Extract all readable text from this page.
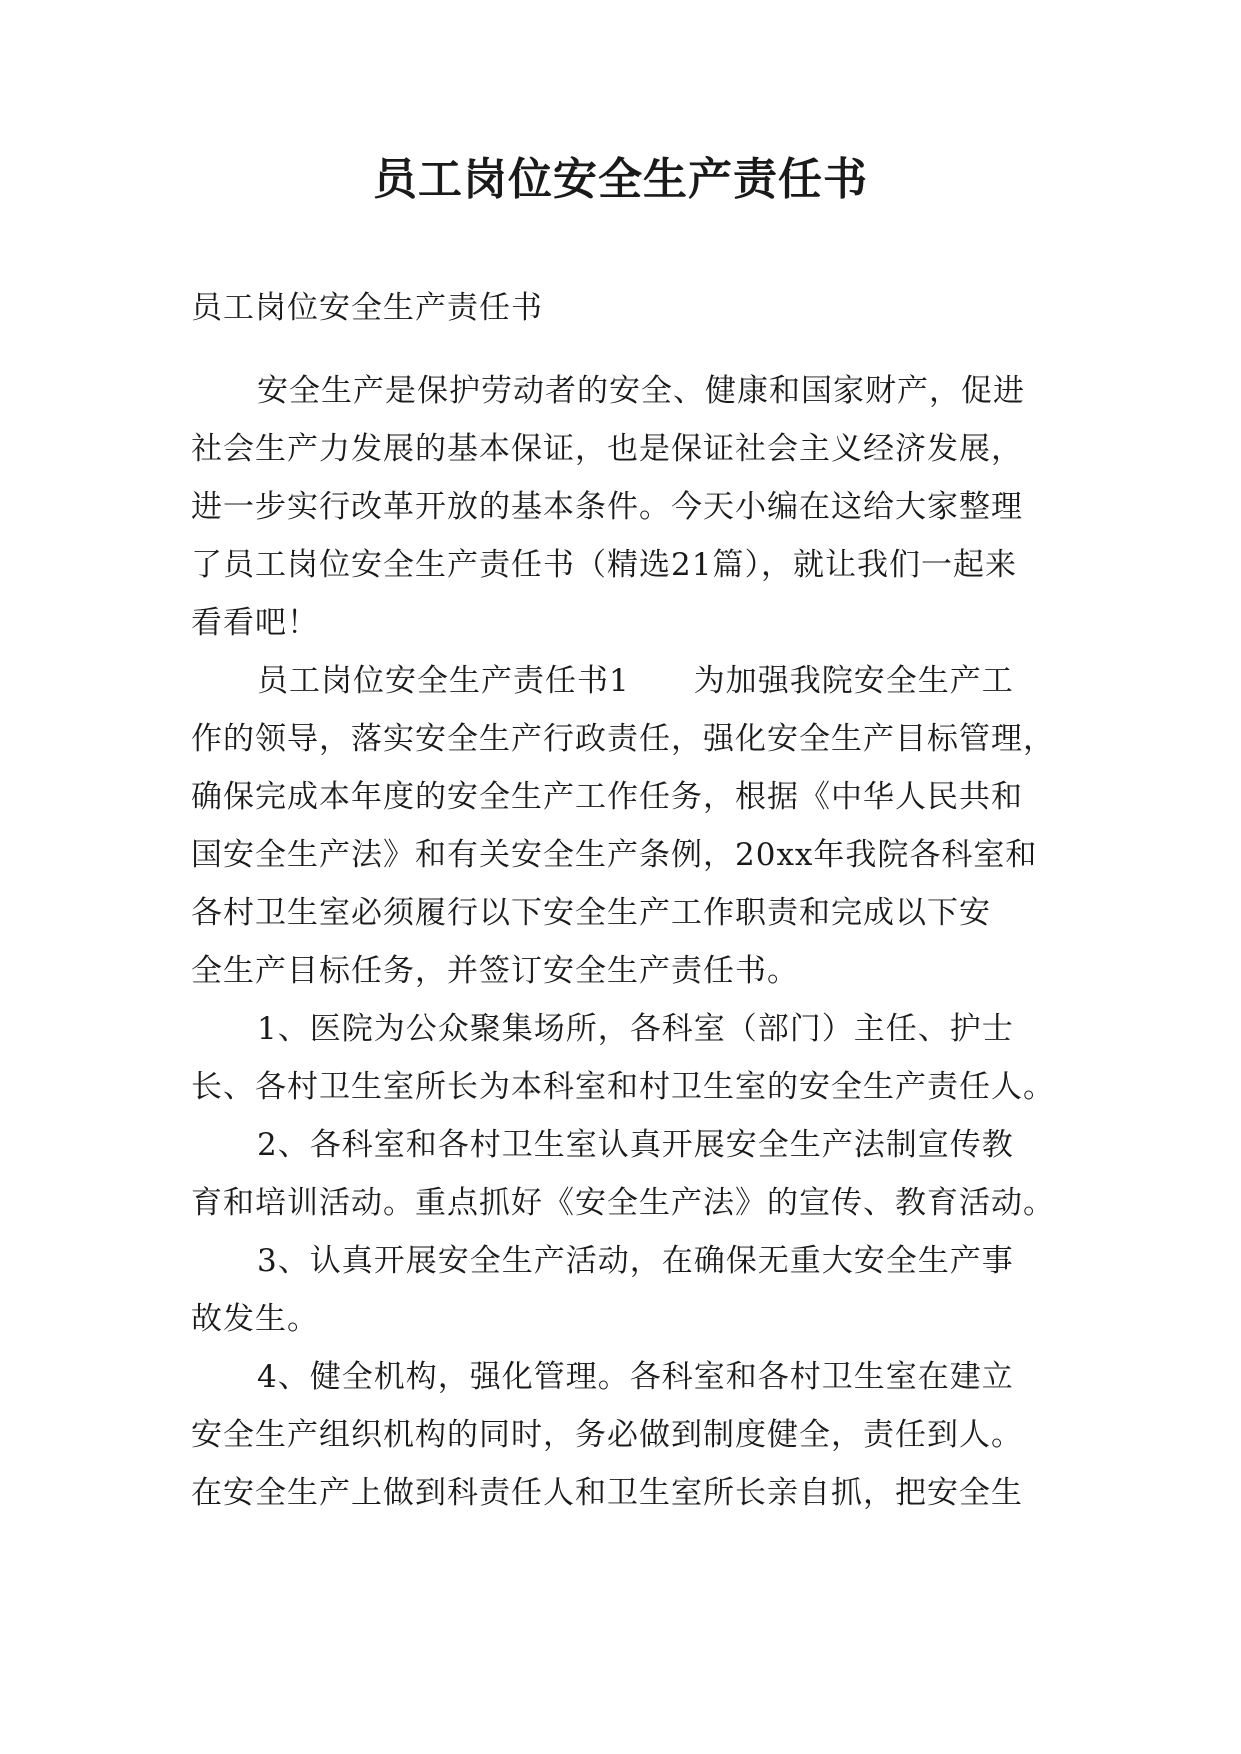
员工岗位安全生产责任书

员工岗位安全生产责任书

安全生产是保护劳动者的安全、健康和国家财产，促进
社会生产力发展的基本保证，也是保证社会主义经济发展，
进一步实行改革开放的基本条件。今天小编在这给大家整理
了员工岗位安全生产责任书（精选21篇），就让我们一起来
看看吧！
员工岗位安全生产责任书1　　为加强我院安全生产工
作的领导，落实安全生产行政责任，强化安全生产目标管理，
确保完成本年度的安全生产工作任务，根据《中华人民共和
国安全生产法》和有关安全生产条例，20xx年我院各科室和
各村卫生室必须履行以下安全生产工作职责和完成以下安
全生产目标任务，并签订安全生产责任书。
1、医院为公众聚集场所，各科室（部门）主任、护士
长、各村卫生室所长为本科室和村卫生室的安全生产责任人。
2、各科室和各村卫生室认真开展安全生产法制宣传教
育和培训活动。重点抓好《安全生产法》的宣传、教育活动。
3、认真开展安全生产活动，在确保无重大安全生产事
故发生。
4、健全机构，强化管理。各科室和各村卫生室在建立
安全生产组织机构的同时，务必做到制度健全，责任到人。
在安全生产上做到科责任人和卫生室所长亲自抓，把安全生
